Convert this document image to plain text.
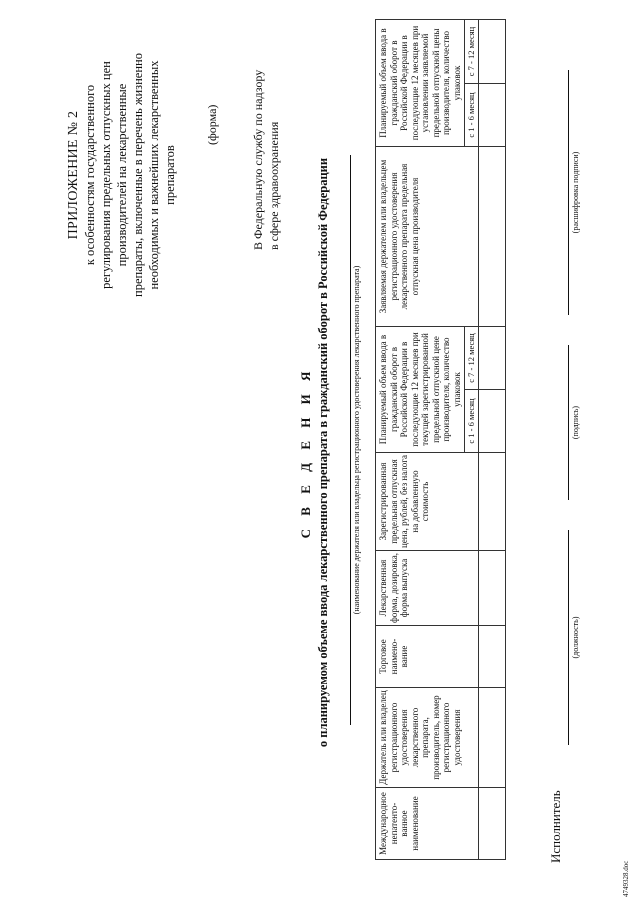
ПРИЛОЖЕНИЕ № 2 к особенностям государственного регулирования предельных отпускных цен производителей на лекарственные препараты, включенные в перечень жизненно необходимых и важнейших лекарственных препаратов
(форма)	В Федеральную службу по надзору в сфере здравоохранения
С В Е Д Е Н И Я о планируемом объеме ввода лекарственного препарата в гражданский оборот в Российской Федерации	(наименование держателя или владельца регистрационного удостоверения лекарственного препарата)
Международное непатенто-ванное наименование	Держатель или владелец регистрационного удостоверения лекарственного препарата, производитель, номер регистрационного удостоверения	Торговое наимено-вание	Лекарственная форма, дозировка, форма выпуска	Зарегистрированная предельная отпускная цена, рублей, без налога на добавленную стоимость	Планируемый объем ввода в гражданский оборот в Российской Федерации в последующие 12 месяцев при текущей зарегистрированной предельной отпускной цене производителя, количество упаковок		Заявляемая держателем или владельцем регистрационного удостоверения лекарственного препарата предельная отпускная цена производителя	Планируемый объем ввода в гражданский оборот в Российской Федерации в последующие 12 месяцев при установлении заявляемой предельной отпускной цены производителя, количество упаковок	
					с 1 - 6 месяц	с 7 - 12 месяц		с 1 - 6 месяц	с 7 - 12 месяц

Исполнитель
(должность)
(подпись)
(расшифровка подписи)
4749328.doc
